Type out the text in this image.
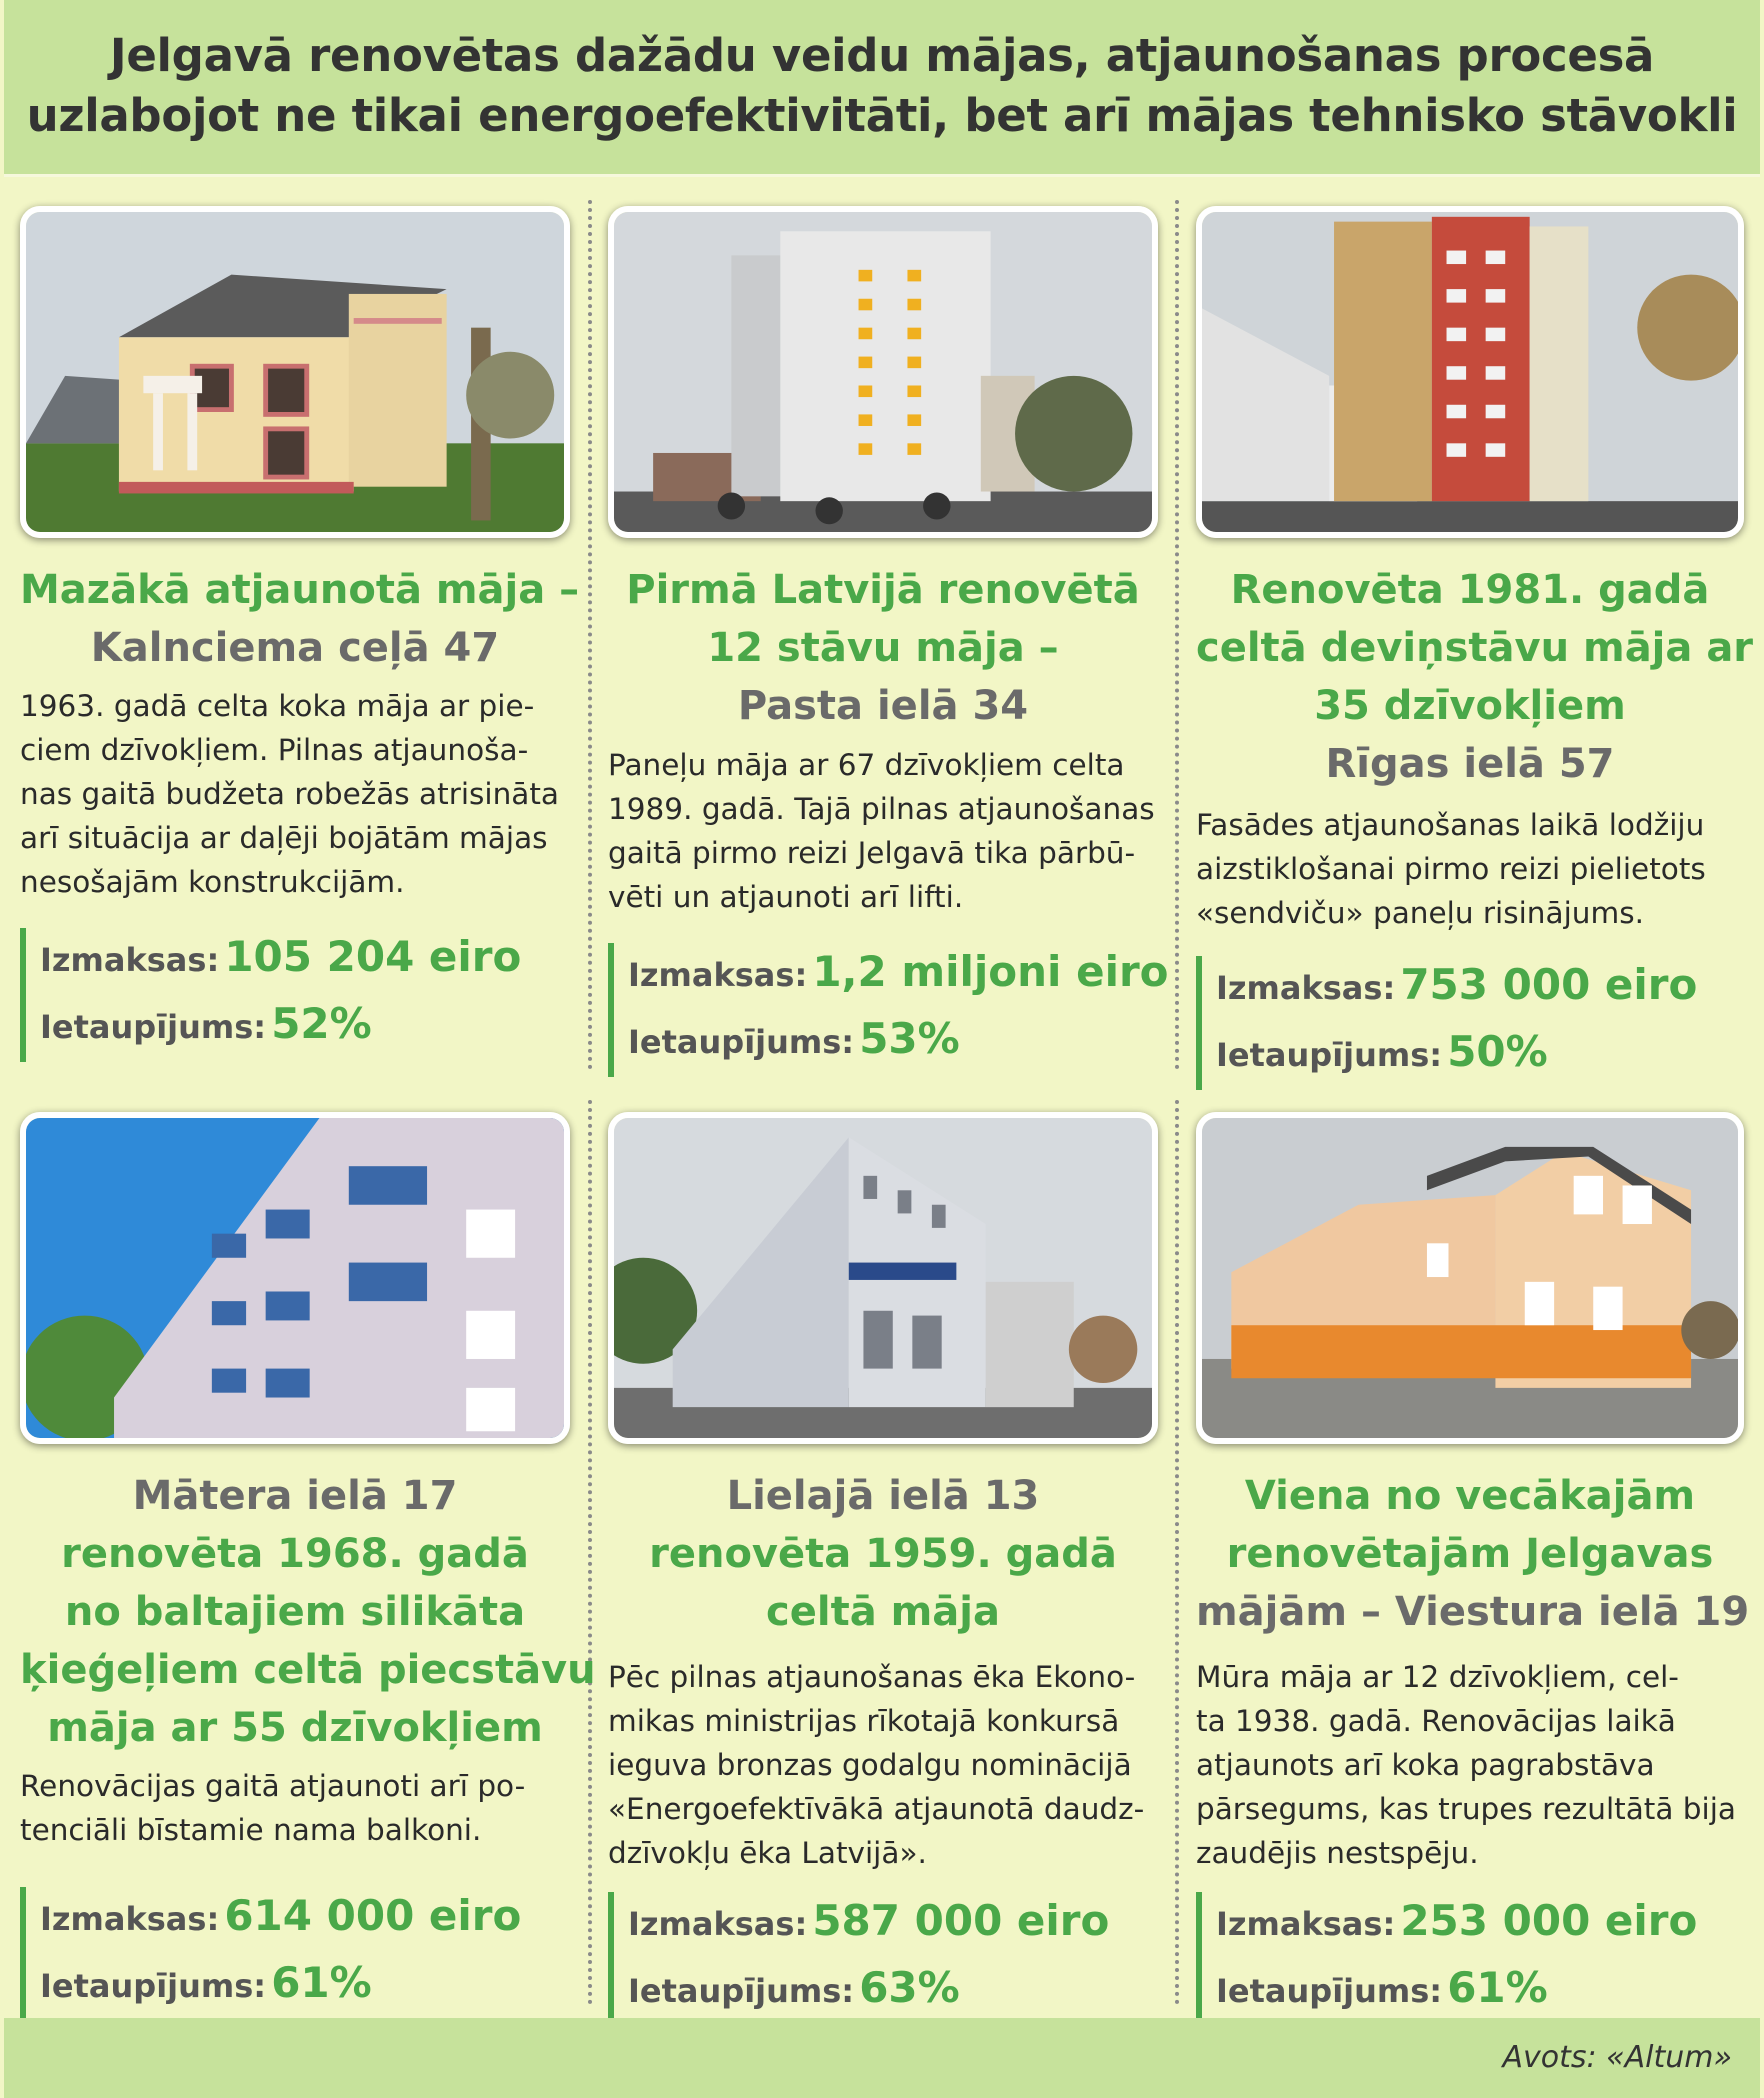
Jelgavā renovētas dažādu veidu mājas, atjaunošanas procesā
uzlabojot ne tikai energoefektivitāti, bet arī mājas tehnisko stāvokli
Mazākā atjaunotā māja –
Kalnciema ceļā 47
1963. gadā celta koka māja ar pie-
ciem dzīvokļiem. Pilnas atjaunoša-
nas gaitā budžeta robežās atrisināta
arī situācija ar daļēji bojātām mājas
nesošajām konstrukcijām.
Izmaksas: 105 204 eiro
Ietaupījums: 52%
Pirmā Latvijā renovētā
12 stāvu māja –
Pasta ielā 34
Paneļu māja ar 67 dzīvokļiem celta
1989. gadā. Tajā pilnas atjaunošanas
gaitā pirmo reizi Jelgavā tika pārbū-
vēti un atjaunoti arī lifti.
Izmaksas: 1,2 miljoni eiro
Ietaupījums: 53%
Renovēta 1981. gadā
celtā deviņstāvu māja ar
35 dzīvokļiem
Rīgas ielā 57
Fasādes atjaunošanas laikā lodžiju
aizstiklošanai pirmo reizi pielietots
«sendviču» paneļu risinājums.
Izmaksas: 753 000 eiro
Ietaupījums: 50%
Mātera ielā 17
renovēta 1968. gadā
no baltajiem silikāta
ķieģeļiem celtā piecstāvu
māja ar 55 dzīvokļiem
Renovācijas gaitā atjaunoti arī po-
tenciāli bīstamie nama balkoni.
Izmaksas: 614 000 eiro
Ietaupījums: 61%
Lielajā ielā 13
renovēta 1959. gadā
celtā māja
Pēc pilnas atjaunošanas ēka Ekono-
mikas ministrijas rīkotajā konkursā
ieguva bronzas godalgu nominācijā
«Energoefektīvākā atjaunotā daudz-
dzīvokļu ēka Latvijā».
Izmaksas: 587 000 eiro
Ietaupījums: 63%
Viena no vecākajām
renovētajām Jelgavas
mājām – Viestura ielā 19
Mūra māja ar 12 dzīvokļiem, cel-
ta 1938. gadā. Renovācijas laikā
atjaunots arī koka pagrabstāva
pārsegums, kas trupes rezultātā bija
zaudējis nestspēju.
Izmaksas: 253 000 eiro
Ietaupījums: 61%
Avots: «Altum»
